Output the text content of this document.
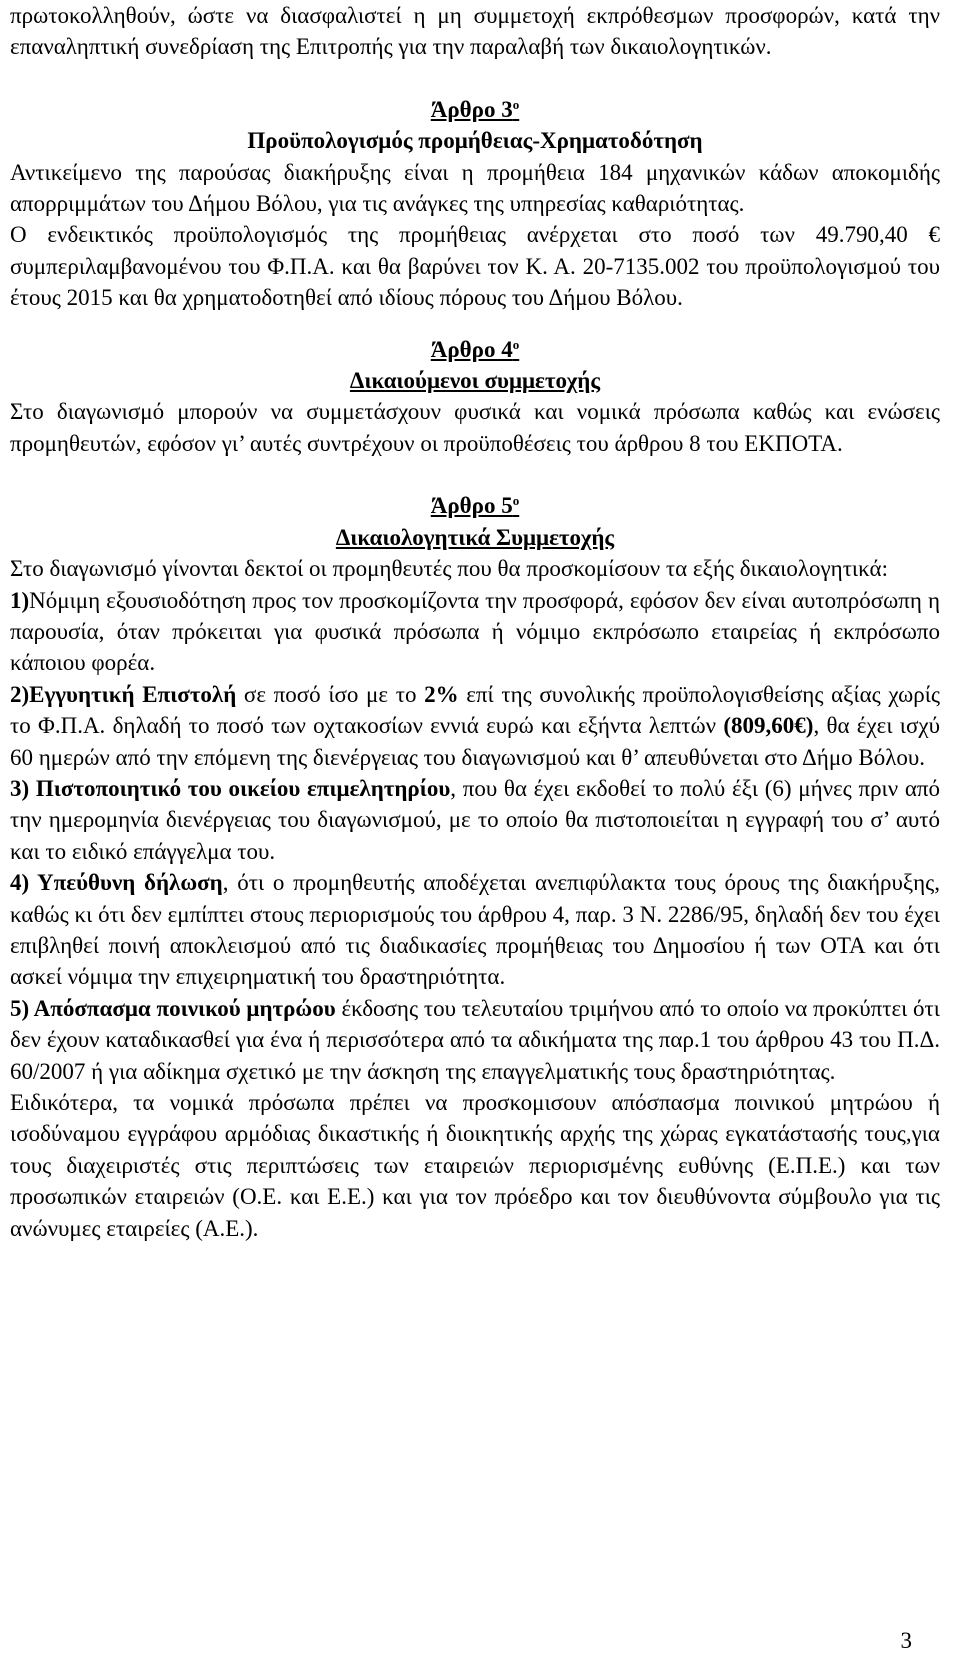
πρωτοκολληθούν, ώστε να διασφαλιστεί η μη συμμετοχή εκπρόθεσμων προσφορών, κατά την επαναληπτική συνεδρίαση της Επιτροπής για την παραλαβή των δικαιολογητικών.

Άρθρο $3^o$
Προϋπολογισμός προμήθειας-Χρηματοδότηση

Αντικείμενο της παρούσας διακήρυξης είναι η προμήθεια 184 μηχανικών κάδων αποκομιδής απορριμμάτων του Δήμου Βόλου, για τις ανάγκες της υπηρεσίας καθαριότητας.

Ο ενδεικτικός προϋπολογισμός της προμήθειας ανέρχεται στο ποσό των 49.790,40 € συμπεριλαμβανομένου του Φ.Π.Α. και θα βαρύνει τον Κ. Α. 20-7135.002 του προϋπολογισμού του έτους 2015 και θα χρηματοδοτηθεί από ιδίους πόρους του Δήμου Βόλου.

Άρθρο $4^o$
Δικαιούμενοι συμμετοχής

Στο διαγωνισμό μπορούν να συμμετάσχουν φυσικά και νομικά πρόσωπα καθώς και ενώσεις προμηθευτών, εφόσον γι’ αυτές συντρέχουν οι προϋποθέσεις του άρθρου 8 του ΕΚΠΟΤΑ.

Άρθρο $5^o$
Δικαιολογητικά Συμμετοχής

Στο διαγωνισμό γίνονται δεκτοί οι προμηθευτές που θα προσκομίσουν τα εξής δικαιολογητικά:

1)Νόμιμη εξουσιοδότηση προς τον προσκομίζοντα την προσφορά, εφόσον δεν είναι αυτοπρόσωπη η παρουσία, όταν πρόκειται για φυσικά πρόσωπα ή νόμιμο εκπρόσωπο εταιρείας ή εκπρόσωπο κάποιου φορέα.

2)Εγγυητική Επιστολή σε ποσό ίσο με το 2% επί της συνολικής προϋπολογισθείσης αξίας χωρίς το Φ.Π.Α. δηλαδή το ποσό των οχτακοσίων εννιά ευρώ και εξήντα λεπτών (809,60€), θα έχει ισχύ 60 ημερών από την επόμενη της διενέργειας του διαγωνισμού και θ’ απευθύνεται στο Δήμο Βόλου.

3) Πιστοποιητικό του οικείου επιμελητηρίου, που θα έχει εκδοθεί το πολύ έξι (6) μήνες πριν από την ημερομηνία διενέργειας του διαγωνισμού, με το οποίο θα πιστοποιείται η εγγραφή του σ’ αυτό και το ειδικό επάγγελμα του.

4) Υπεύθυνη δήλωση, ότι ο προμηθευτής αποδέχεται ανεπιφύλακτα τους όρους της διακήρυξης, καθώς κι ότι δεν εμπίπτει στους περιορισμούς του άρθρου 4, παρ. 3 Ν. 2286/95, δηλαδή δεν του έχει επιβληθεί ποινή αποκλεισμού από τις διαδικασίες προμήθειας του Δημοσίου ή των ΟΤΑ και ότι ασκεί νόμιμα την επιχειρηματική του δραστηριότητα.

5) Απόσπασμα ποινικού μητρώου έκδοσης του τελευταίου τριμήνου από το οποίο να προκύπτει ότι δεν έχουν καταδικασθεί για ένα ή περισσότερα από τα αδικήματα της παρ.1 του άρθρου 43 του Π.Δ. 60/2007 ή για αδίκημα σχετικό με την άσκηση της επαγγελματικής τους δραστηριότητας.

Ειδικότερα, τα νομικά πρόσωπα πρέπει να προσκομισουν απόσπασμα ποινικού μητρώου ή ισοδύναμου εγγράφου αρμόδιας δικαστικής ή διοικητικής αρχής της χώρας εγκατάστασής τους,για τους διαχειριστές στις περιπτώσεις των εταιρειών περιορισμένης ευθύνης (Ε.Π.Ε.) και των προσωπικών εταιρειών (Ο.Ε. και Ε.Ε.) και για τον πρόεδρο και τον διευθύνοντα σύμβουλο για τις ανώνυμες εταιρείες (Α.Ε.).

3
